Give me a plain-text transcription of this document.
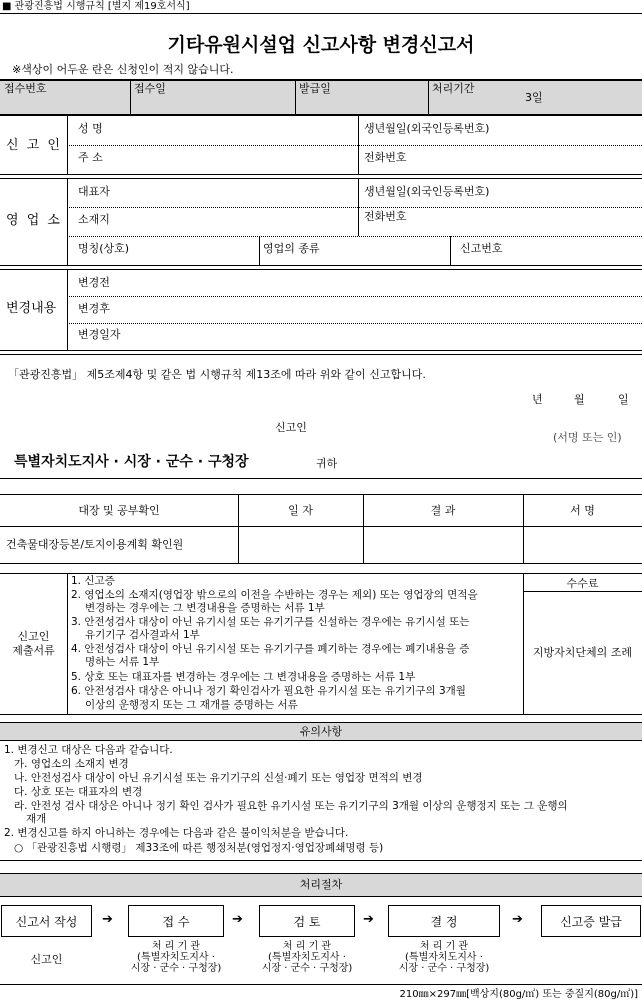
■ 관광진흥법 시행규칙 [별지 제19호서식]
기타유원시설업 신고사항 변경신고서
※색상이 어두운 란은 신청인이 적지 않습니다.
접수번호	접수일	발급일	처리기간
3일
신 고 인
성 명	생년월일(외국인등록번호)
주 소	전화번호
영 업 소
대표자	생년월일(외국인등록번호)
소재지	전화번호
명칭(상호)	영업의 종류	신고번호
변경내용
변경전
변경후
변경일자
「관광진흥법」 제5조제4항 및 같은 법 시행규칙 제13조에 따라 위와 같이 신고합니다.
년	월	일
신고인
(서명 또는 인)
특별자치도지사 · 시장 · 군수 · 구청장	귀하
대장 및 공부확인	일 자	결 과	서 명
건축물대장등본/토지이용계획 확인원
신고인
제출서류
수수료
지방자치단체의 조례
1. 신고증
2. 영업소의 소재지(영업장 밖으로의 이전을 수반하는 경우는 제외) 또는 영업장의 면적을
변경하는 경우에는 그 변경내용을 증명하는 서류 1부
3. 안전성검사 대상이 아닌 유기시설 또는 유기기구를 신설하는 경우에는 유기시설 또는
유기기구 검사결과서 1부
4. 안전성검사 대상이 아닌 유기시설 또는 유기기구를 폐기하는 경우에는 폐기내용을 증
명하는 서류 1부
5. 상호 또는 대표자를 변경하는 경우에는 그 변경내용을 증명하는 서류 1부
6. 안전성검사 대상은 아니나 정기 확인검사가 필요한 유기시설 또는 유기기구의 3개월
이상의 운행정지 또는 그 재개를 증명하는 서류
유의사항
1. 변경신고 대상은 다음과 같습니다.
가. 영업소의 소재지 변경
나. 안전성검사 대상이 아닌 유기시설 또는 유기기구의 신설·폐기 또는 영업장 면적의 변경
다. 상호 또는 대표자의 변경
라. 안전성 검사 대상은 아니나 정기 확인 검사가 필요한 유기시설 또는 유기기구의 3개월 이상의 운행정지 또는 그 운행의
재개
2. 변경신고를 하지 아니하는 경우에는 다음과 같은 불이익처분을 받습니다.
○ 「관광진흥법 시행령」 제33조에 따른 행정처분(영업정지·영업장폐쇄명령 등)
처리절차
신고서 작성	➔	접 수	➔	검 토	➔	결 정	➔	신고증 발급
신고인
처 리 기 관
(특별자치도지사 ·
시장 · 군수 · 구청장)
처 리 기 관
(특별자치도지사 ·
시장 · 군수 · 구청장)
처 리 기 관
(특별자치도지사 ·
시장 · 군수 · 구청장)
210㎜×297㎜[백상지(80g/㎡) 또는 중질지(80g/㎡)]
